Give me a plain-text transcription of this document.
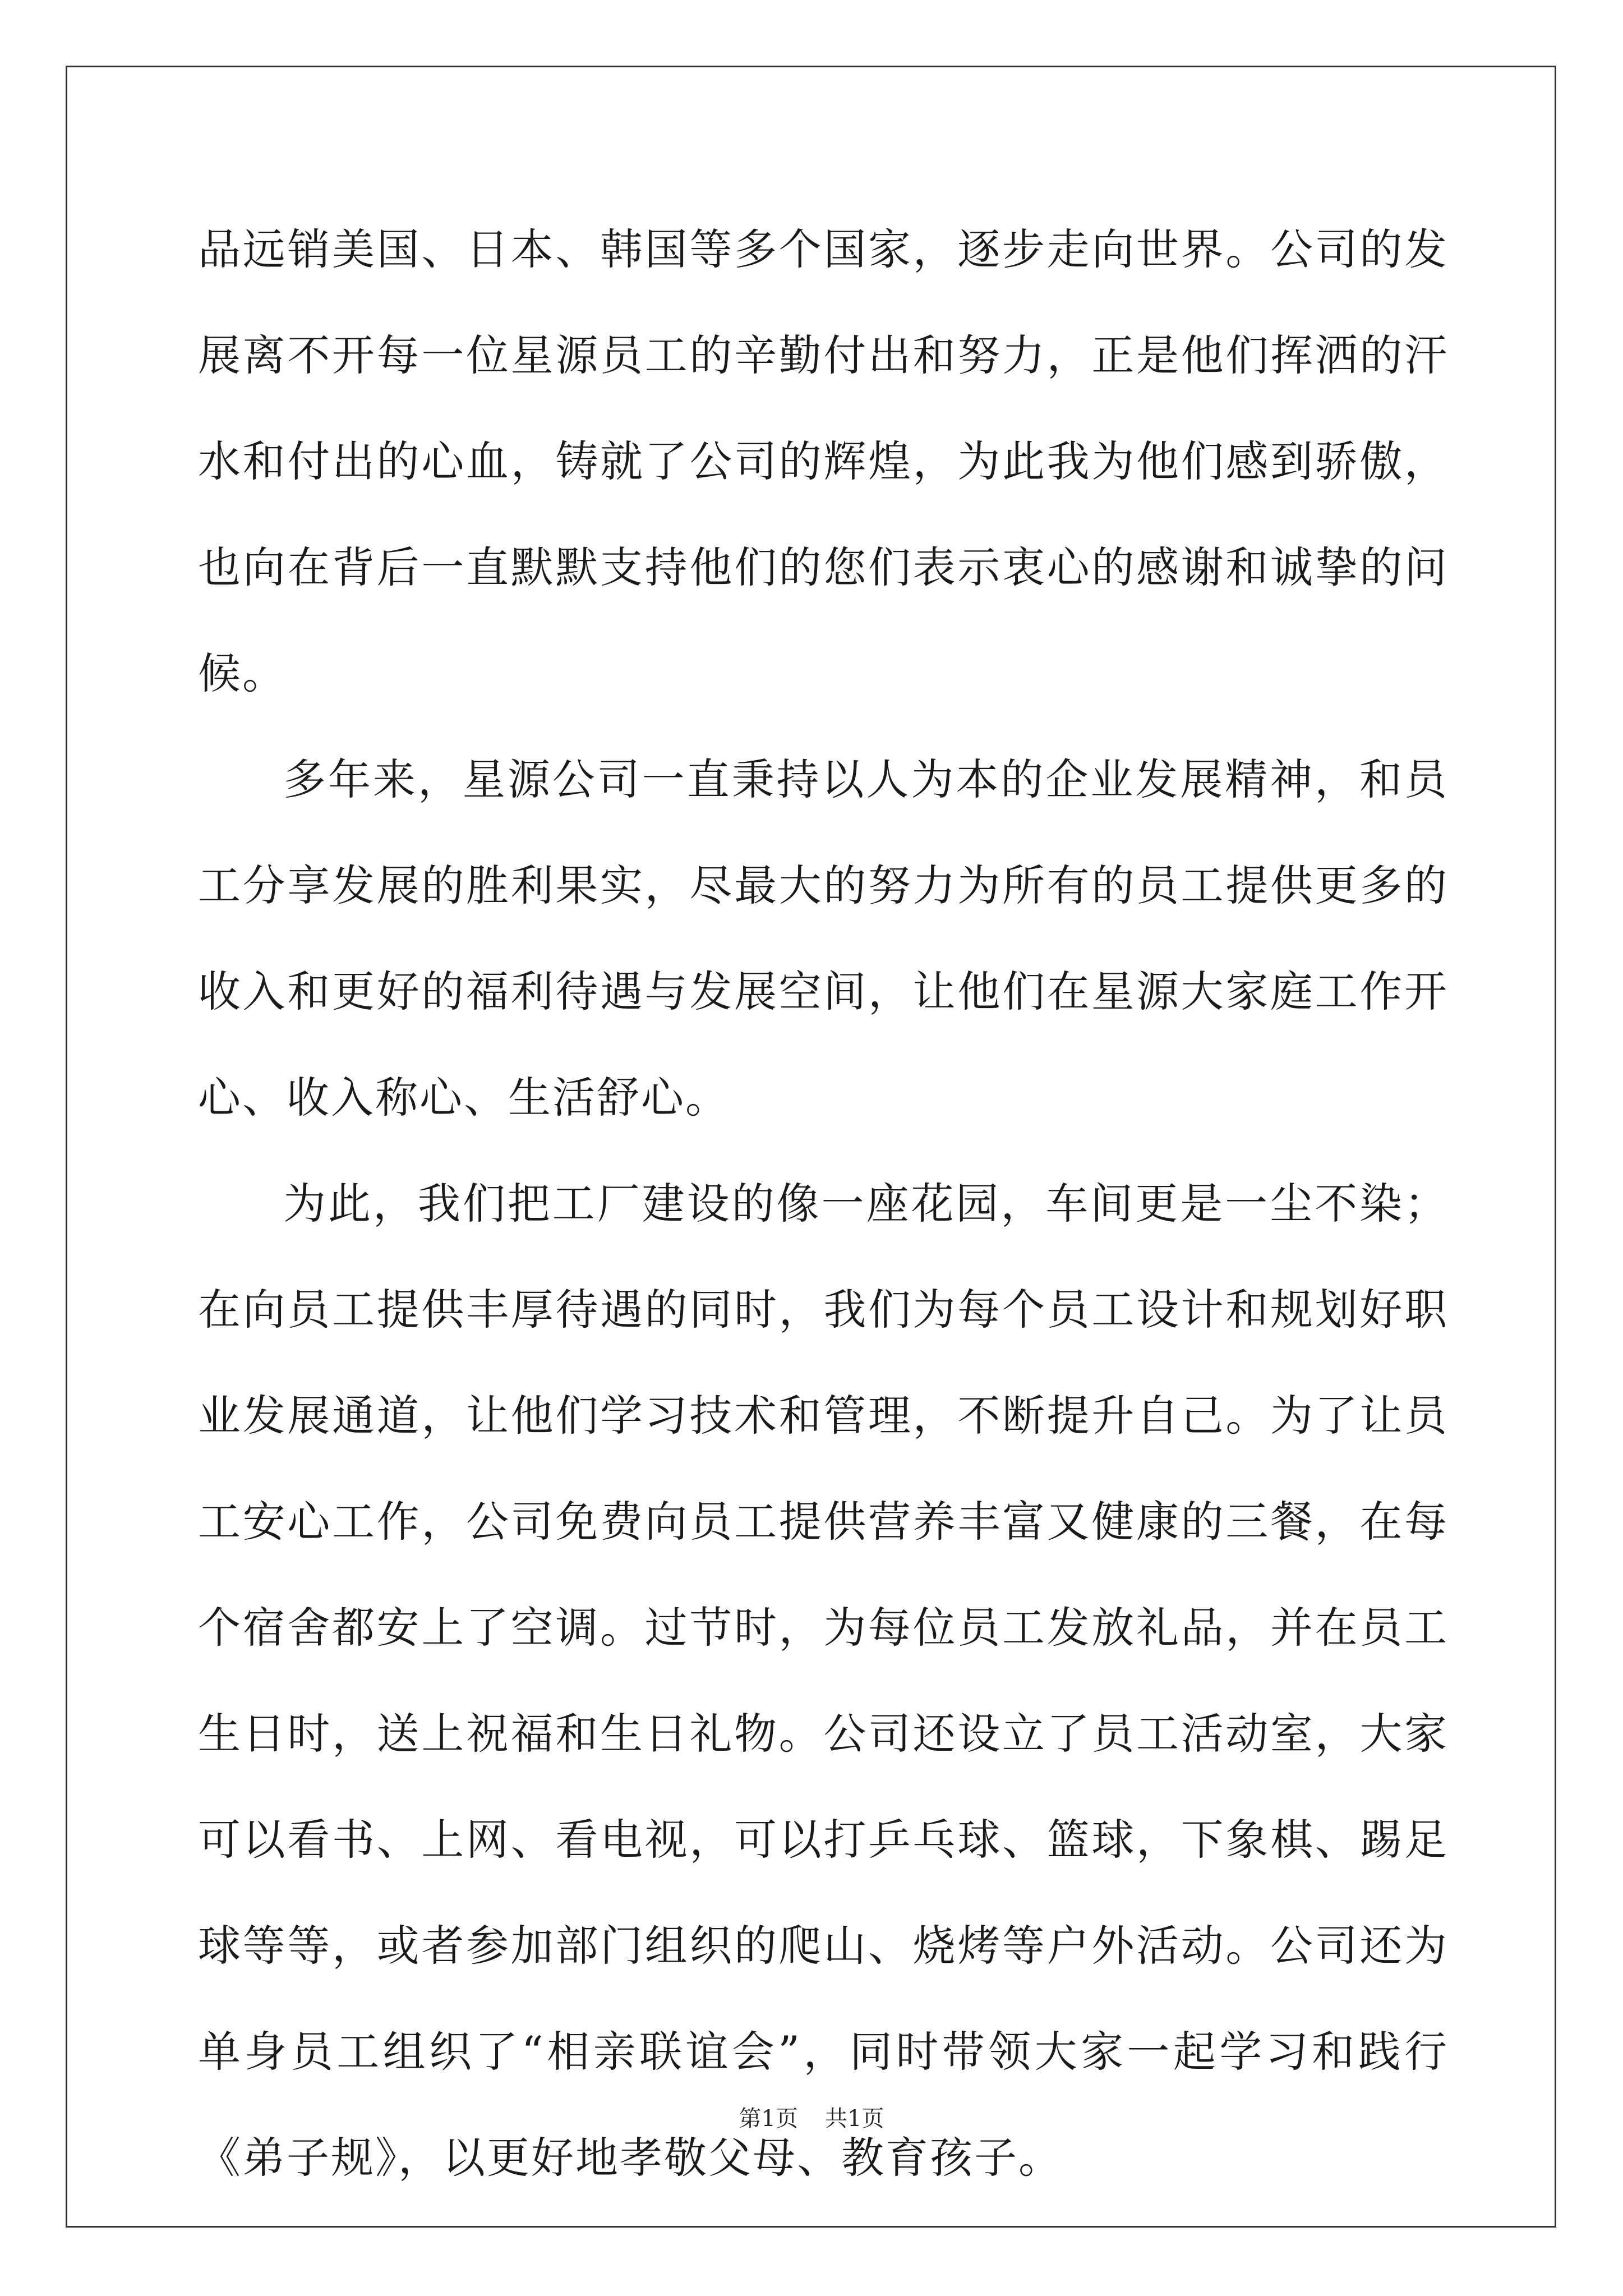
品远销美国、日本、韩国等多个国家，逐步走向世界。公司的发展离不开每一位星源员工的辛勤付出和努力，正是他们挥洒的汗水和付出的心血，铸就了公司的辉煌，为此我为他们感到骄傲，也向在背后一直默默支持他们的您们表示衷心的感谢和诚挚的问候。

多年来，星源公司一直秉持以人为本的企业发展精神，和员工分享发展的胜利果实，尽最大的努力为所有的员工提供更多的收入和更好的福利待遇与发展空间，让他们在星源大家庭工作开心、收入称心、生活舒心。

为此，我们把工厂建设的像一座花园，车间更是一尘不染；在向员工提供丰厚待遇的同时，我们为每个员工设计和规划好职业发展通道，让他们学习技术和管理，不断提升自己。为了让员工安心工作，公司免费向员工提供营养丰富又健康的三餐，在每个宿舍都安上了空调。过节时，为每位员工发放礼品，并在员工生日时，送上祝福和生日礼物。公司还设立了员工活动室，大家可以看书、上网、看电视，可以打乒乓球、篮球，下象棋、踢足球等等，或者参加部门组织的爬山、烧烤等户外活动。公司还为单身员工组织了“相亲联谊会”，同时带领大家一起学习和践行《弟子规》，以更好地孝敬父母、教育孩子。

第1页 共1页
